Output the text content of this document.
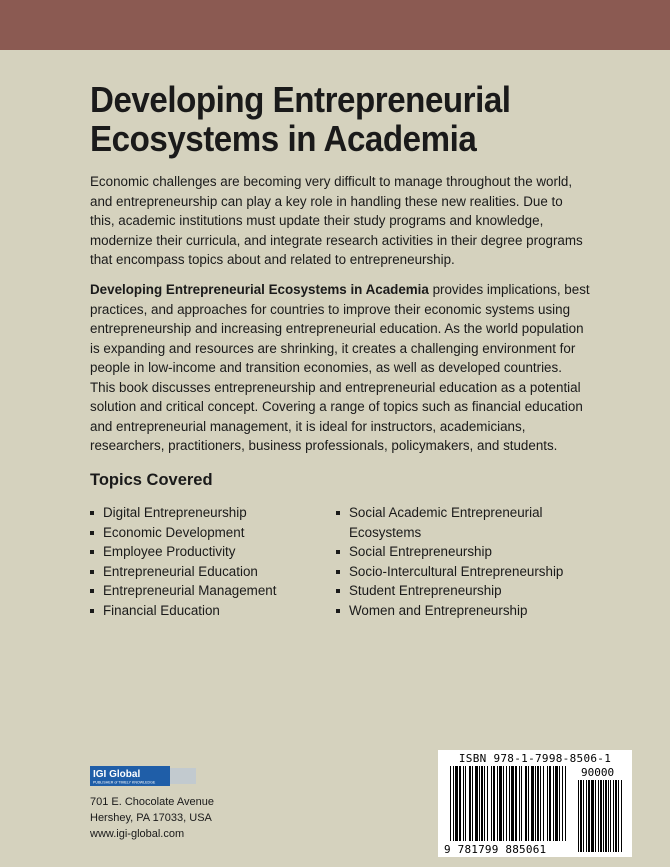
Developing Entrepreneurial
Ecosystems in Academia
Economic challenges are becoming very difficult to manage throughout the world, and entrepreneurship can play a key role in handling these new realities. Due to this, academic institutions must update their study programs and knowledge, modernize their curricula, and integrate research activities in their degree programs that encompass topics about and related to entrepreneurship.
Developing Entrepreneurial Ecosystems in Academia provides implications, best practices, and approaches for countries to improve their economic systems using entrepreneurship and increasing entrepreneurial education. As the world population is expanding and resources are shrinking, it creates a challenging environment for people in low-income and transition economies, as well as developed countries. This book discusses entrepreneurship and entrepreneurial education as a potential solution and critical concept. Covering a range of topics such as financial education and entrepreneurial management, it is ideal for instructors, academicians, researchers, practitioners, business professionals, policymakers, and students.
Topics Covered
Digital Entrepreneurship
Economic Development
Employee Productivity
Entrepreneurial Education
Entrepreneurial Management
Financial Education
Social Academic Entrepreneurial Ecosystems
Social Entrepreneurship
Socio-Intercultural Entrepreneurship
Student Entrepreneurship
Women and Entrepreneurship
IGI Global
PUBLISHER of TIMELY KNOWLEDGE
701 E. Chocolate Avenue
Hershey, PA 17033, USA
www.igi-global.com
ISBN 978-1-7998-8506-1
90000
9 781799 885061
